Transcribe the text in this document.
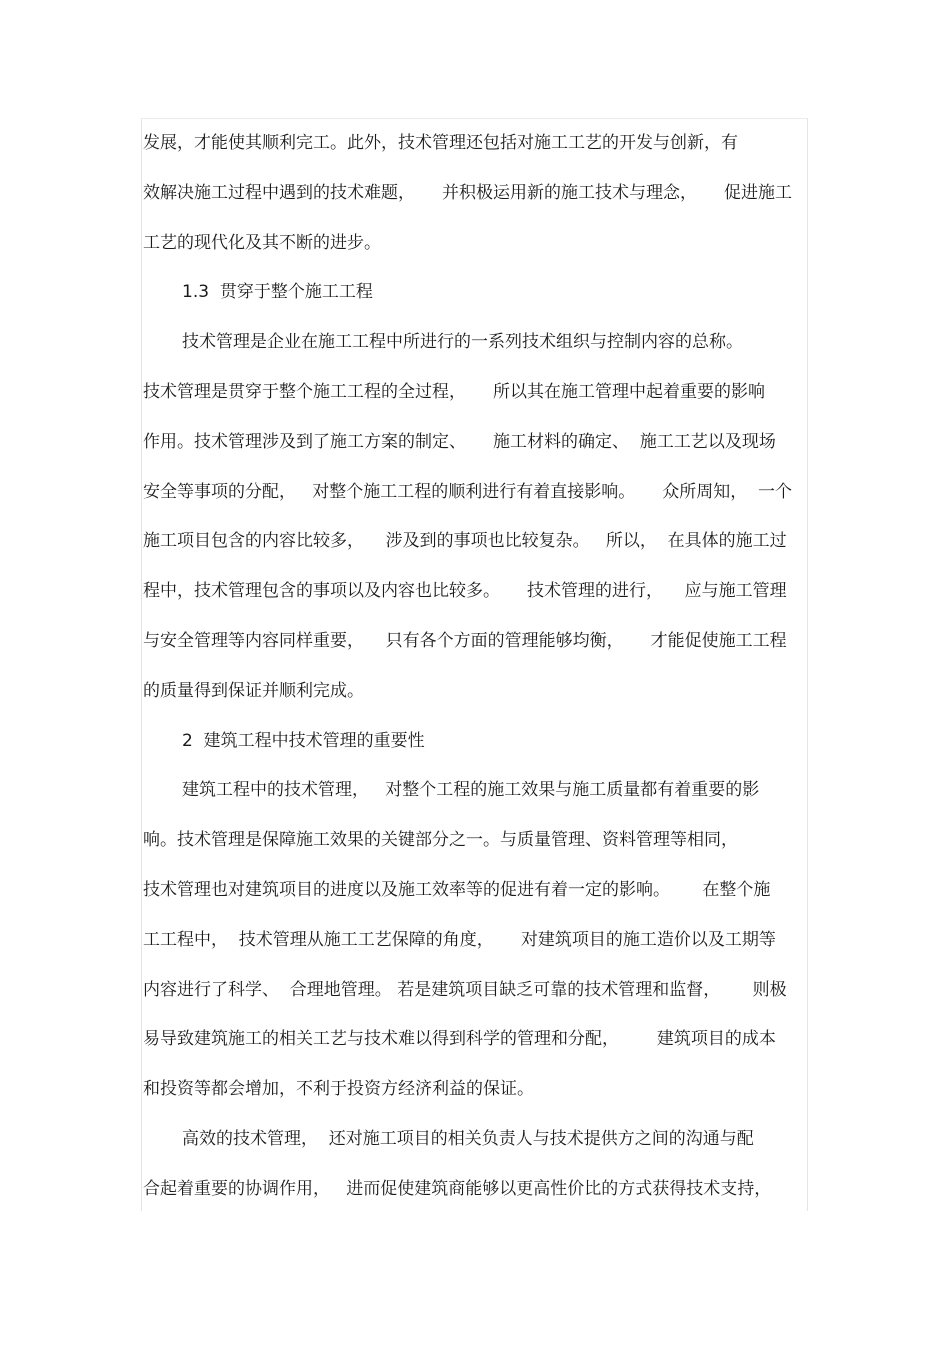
发展，才能使其顺利完工。此外，技术管理还包括对施工工艺的开发与创新，有
效解决施工过程中遇到的技术难题，     并积极运用新的施工技术与理念，     促进施工
工艺的现代化及其不断的进步。
1.3  贯穿于整个施工工程
技术管理是企业在施工工程中所进行的一系列技术组织与控制内容的总称。
技术管理是贯穿于整个施工工程的全过程，     所以其在施工管理中起着重要的影响
作用。技术管理涉及到了施工方案的制定、     施工材料的确定、  施工工艺以及现场
安全等事项的分配，   对整个施工工程的顺利进行有着直接影响。     众所周知，  一个
施工项目包含的内容比较多，    涉及到的事项也比较复杂。   所以，  在具体的施工过
程中，技术管理包含的事项以及内容也比较多。     技术管理的进行，    应与施工管理
与安全管理等内容同样重要，    只有各个方面的管理能够均衡，     才能促使施工工程
的质量得到保证并顺利完成。
2  建筑工程中技术管理的重要性
建筑工程中的技术管理，   对整个工程的施工效果与施工质量都有着重要的影
响。技术管理是保障施工效果的关键部分之一。与质量管理、资料管理等相同，
技术管理也对建筑项目的进度以及施工效率等的促进有着一定的影响。      在整个施
工工程中，  技术管理从施工工艺保障的角度，     对建筑项目的施工造价以及工期等
内容进行了科学、  合理地管理。 若是建筑项目缺乏可靠的技术管理和监督，      则极
易导致建筑施工的相关工艺与技术难以得到科学的管理和分配，       建筑项目的成本
和投资等都会增加，不利于投资方经济利益的保证。
高效的技术管理，  还对施工项目的相关负责人与技术提供方之间的沟通与配
合起着重要的协调作用，   进而促使建筑商能够以更高性价比的方式获得技术支持，
